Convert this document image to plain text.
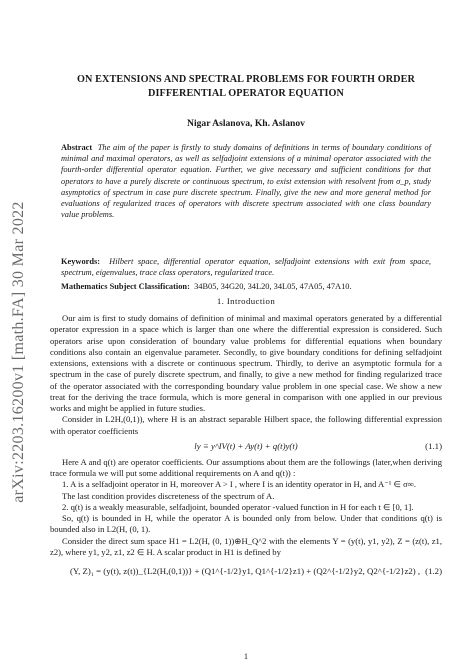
arXiv:2203.16200v1 [math.FA] 30 Mar 2022
ON EXTENSIONS AND SPECTRAL PROBLEMS FOR FOURTH ORDER
DIFFERENTIAL OPERATOR EQUATION
Nigar Aslanova, Kh. Aslanov
Abstract The aim of the paper is firstly to study domains of definitions in terms of boundary conditions of minimal and maximal operators, as well as selfadjoint extensions of a minimal operator associated with the fourth-order differential operator equation. Further, we give necessary and sufficient conditions for that operators to have a purely discrete or continuous spectrum, to exist extension with resolvent from σ_p, study asymptotics of spectrum in case pure discrete spectrum. Finally, give the new and more general method for evaluations of regularized traces of operators with discrete spectrum associated with one class boundary value problems.
Keywords: Hilbert space, differential operator equation, selfadjoint extensions with exit from space, spectrum, eigenvalues, trace class operators, regularized trace.
Mathematics Subject Classification: 34B05, 34G20, 34L20, 34L05, 47A05, 47A10.
1. Introduction

Our aim is first to study domains of definition of minimal and maximal operators generated by a differential operator expression in a space which is larger than one where the differential expression is considered. Such operators arise upon consideration of boundary value problems for differential equations when boundary conditions also contain an eigenvalue parameter. Secondly, to give boundary conditions for defining selfadjoint extensions, extensions with a discrete or continuous spectrum. Thirdly, to derive an asymptotic formula for a spectrum in the case of purely discrete spectrum, and finally, to give a new method for finding regularized trace of the operator associated with the corresponding boundary value problem in one special case. We show a new treat for the deriving the trace formula, which is more general in comparison with one applied in our previous works and might be applied in future studies.

Consider in L2H,(0,1)), where H is an abstract separable Hilbert space, the following differential expression with operator coefficients

ly ≡ y^IV(t) + Ay(t) + q(t)y(t)	(1.1)

Here A and q(t) are operator coefficients. Our assumptions about them are the followings (later,when deriving trace formula we will put some additional requirements on A and q(t)) :

1. A is a selfadjoint operator in H, moreover A > I , where I is an identity operator in H, and A⁻¹ ∈ σ∞.

The last condition provides discreteness of the spectrum of A.

2. q(t) is a weakly measurable, selfadjoint, bounded operator -valued function in H for each t ∈ [0, 1].

So, q(t) is bounded in H, while the operator A is bounded only from below. Under that conditions q(t) is bounded also in L2(H, (0, 1).

Consider the direct sum space H1 = L2(H, (0, 1))⊕H_Q^2 with the elements Y = (y(t), y1, y2), Z = (z(t), z1, z2), where y1, y2, z1, z2 ∈ H. A scalar product in H1 is defined by

(Y, Z)₁ = (y(t), z(t))_{L2(H,(0,1))} + (Q1^{-1/2}y1, Q1^{-1/2}z1) + (Q2^{-1/2}y2, Q2^{-1/2}z2) , (1.2)
1
